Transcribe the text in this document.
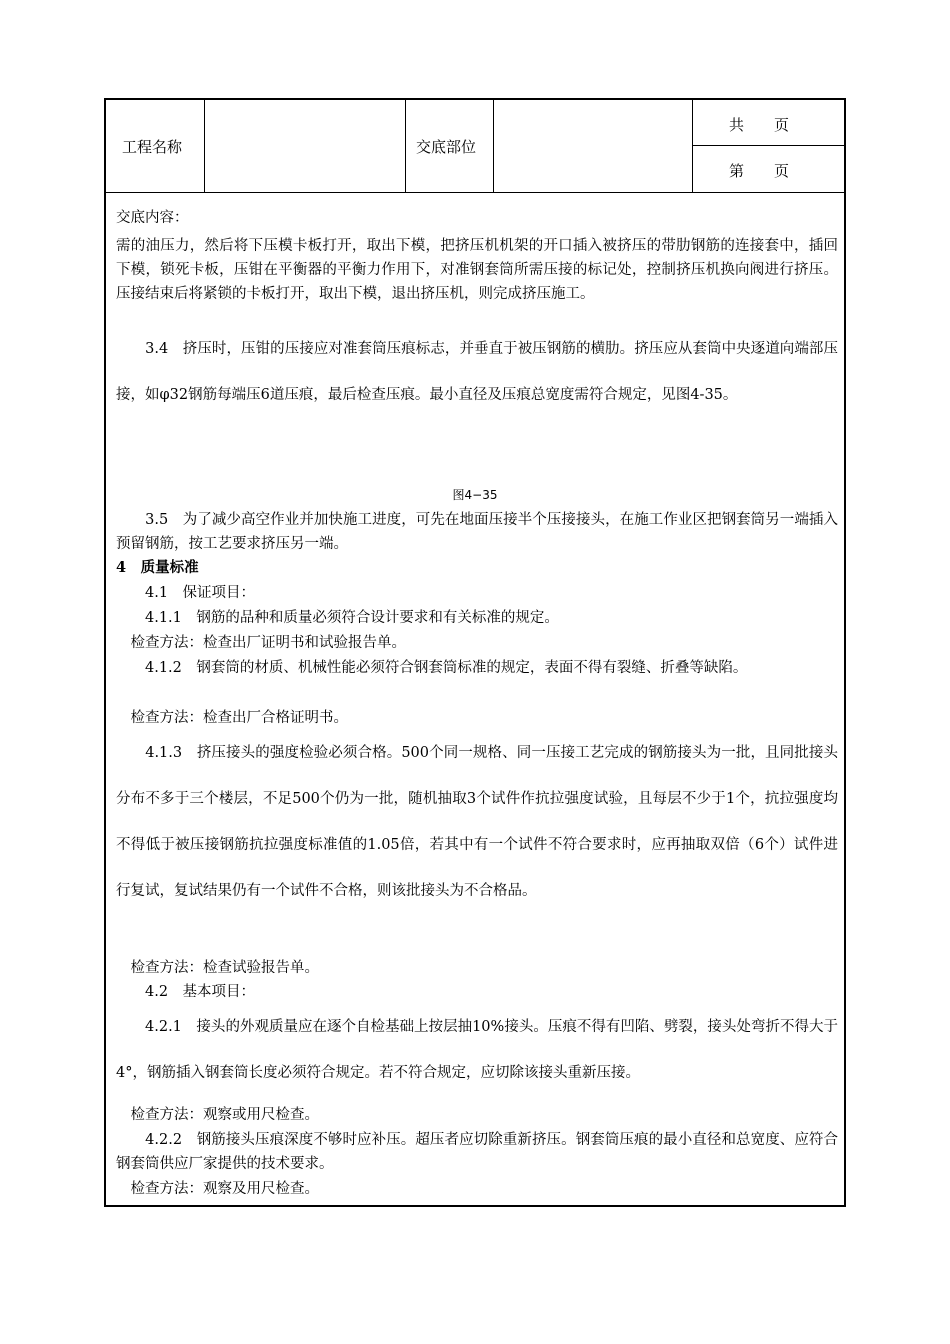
工程名称	交底部位
共　　页
第　　页
交底内容：
需的油压力，然后将下压模卡板打开，取出下模，把挤压机机架的开口插入被挤压的带肋钢筋的连接套中，插回下模，锁死卡板，压钳在平衡器的平衡力作用下，对准钢套筒所需压接的标记处，控制挤压机换向阀进行挤压。压接结束后将紧锁的卡板打开，取出下模，退出挤压机，则完成挤压施工。
　　3.4　挤压时，压钳的压接应对准套筒压痕标志，并垂直于被压钢筋的横肋。挤压应从套筒中央逐道向端部压接，如φ32钢筋每端压6道压痕，最后检查压痕。最小直径及压痕总宽度需符合规定，见图4-35。
图4−35
　　3.5　为了减少高空作业并加快施工进度，可先在地面压接半个压接接头，在施工作业区把钢套筒另一端插入预留钢筋，按工艺要求挤压另一端。
4　质量标准
　　4.1　保证项目：
　　4.1.1　钢筋的品种和质量必须符合设计要求和有关标准的规定。
　检查方法：检查出厂证明书和试验报告单。
　　4.1.2　钢套筒的材质、机械性能必须符合钢套筒标准的规定，表面不得有裂缝、折叠等缺陷。
　检查方法：检查出厂合格证明书。
　　4.1.3　挤压接头的强度检验必须合格。500个同一规格、同一压接工艺完成的钢筋接头为一批，且同批接头分布不多于三个楼层，不足500个仍为一批，随机抽取3个试件作抗拉强度试验，且每层不少于1个，抗拉强度均不得低于被压接钢筋抗拉强度标准值的1.05倍，若其中有一个试件不符合要求时，应再抽取双倍（6个）试件进行复试，复试结果仍有一个试件不合格，则该批接头为不合格品。
　检查方法：检查试验报告单。
　　4.2　基本项目：
　　4.2.1　接头的外观质量应在逐个自检基础上按层抽10%接头。压痕不得有凹陷、劈裂，接头处弯折不得大于4°，钢筋插入钢套筒长度必须符合规定。若不符合规定，应切除该接头重新压接。
　检查方法：观察或用尺检查。
　　4.2.2　钢筋接头压痕深度不够时应补压。超压者应切除重新挤压。钢套筒压痕的最小直径和总宽度、应符合钢套筒供应厂家提供的技术要求。
　检查方法：观察及用尺检查。
